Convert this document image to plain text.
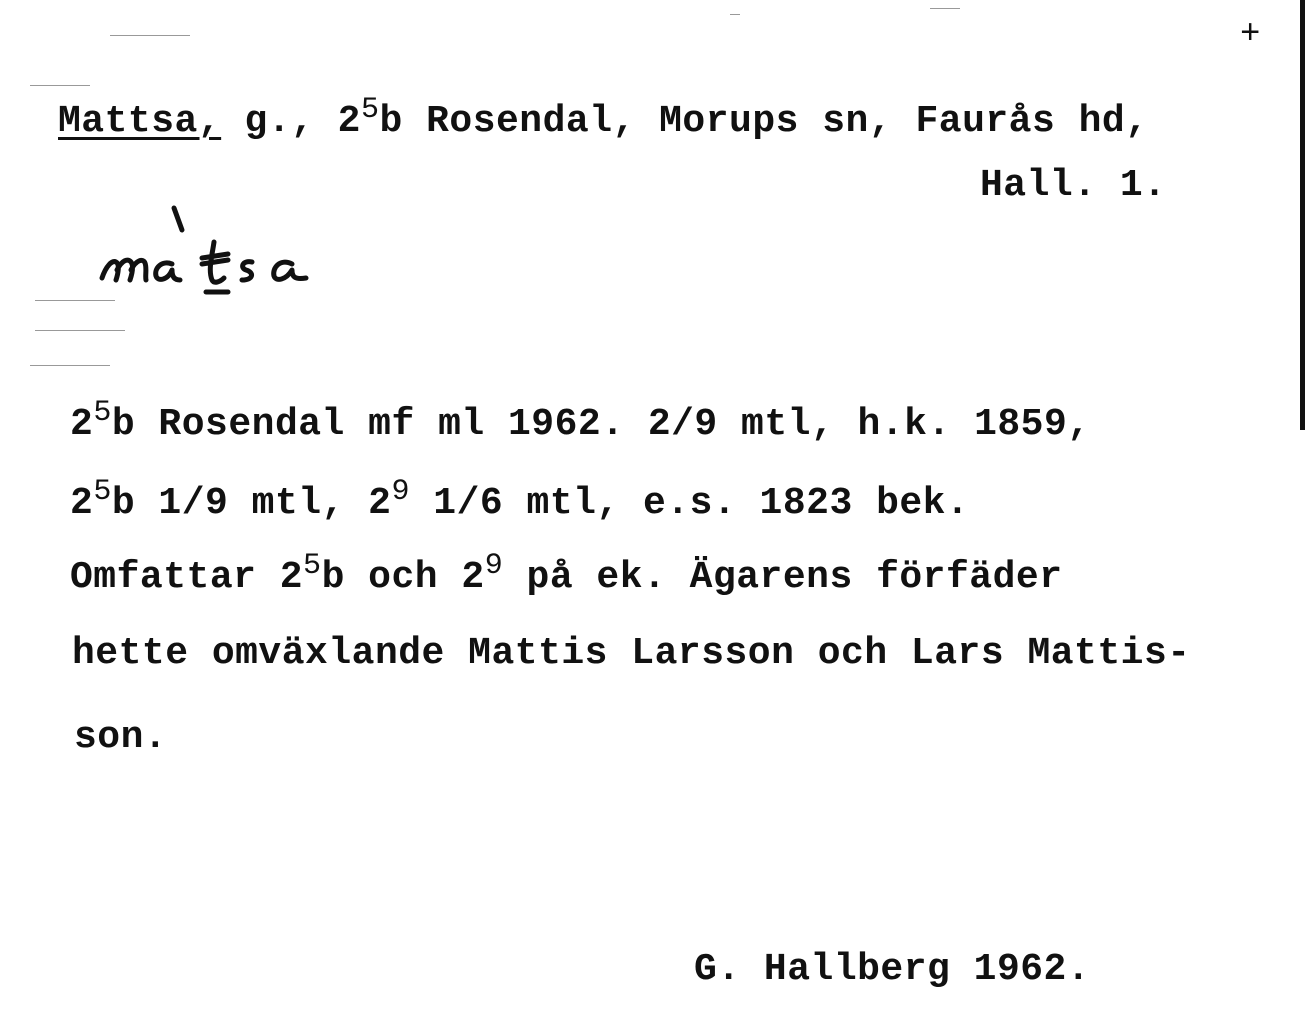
+
Mattsa, g., $2^5b$ Rosendal, Morups sn, Faurås hd,
Hall. 1.
$2^5b$ Rosendal mf ml 1962. 2/9 mtl, h.k. 1859,
$2^5b$ 1/9 mtl, $2^9$ 1/6 mtl, e.s. 1823 bek.
Omfattar $2^5b$ och $2^9$ på ek. Ägarens förfäder
hette omväxlande Mattis Larsson och Lars Mattis-
son.
G. Hallberg 1962.
